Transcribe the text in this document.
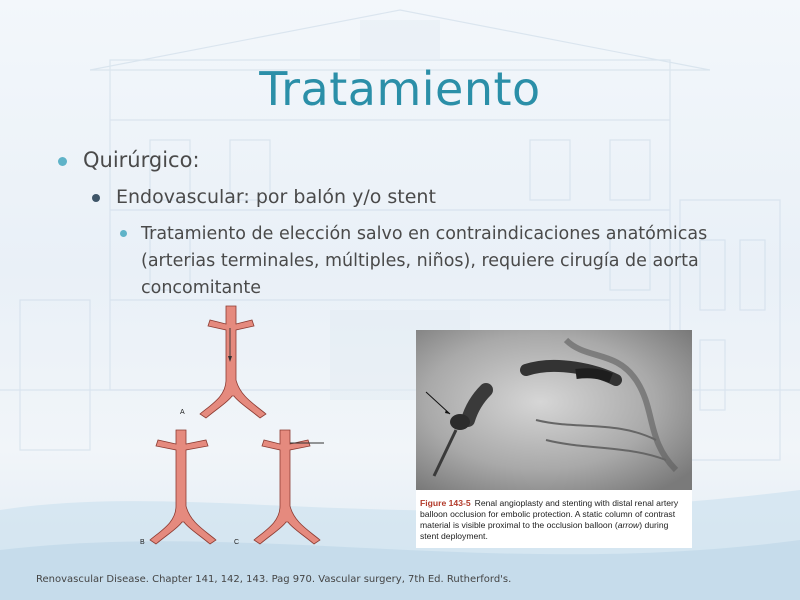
Tratamiento
Quirúrgico:
Endovascular: por balón y/o stent
Tratamiento de elección salvo en contraindicaciones anatómicas (arterias terminales, múltiples, niños), requiere cirugía de aorta concomitante
A
B	C
Figure 143-5 Renal angioplasty and stenting with distal renal artery balloon occlusion for embolic protection. A static column of contrast material is visible proximal to the occlusion balloon (arrow) during stent deployment.
Renovascular Disease. Chapter 141, 142, 143. Pag 970. Vascular surgery, 7th Ed. Rutherford's.
